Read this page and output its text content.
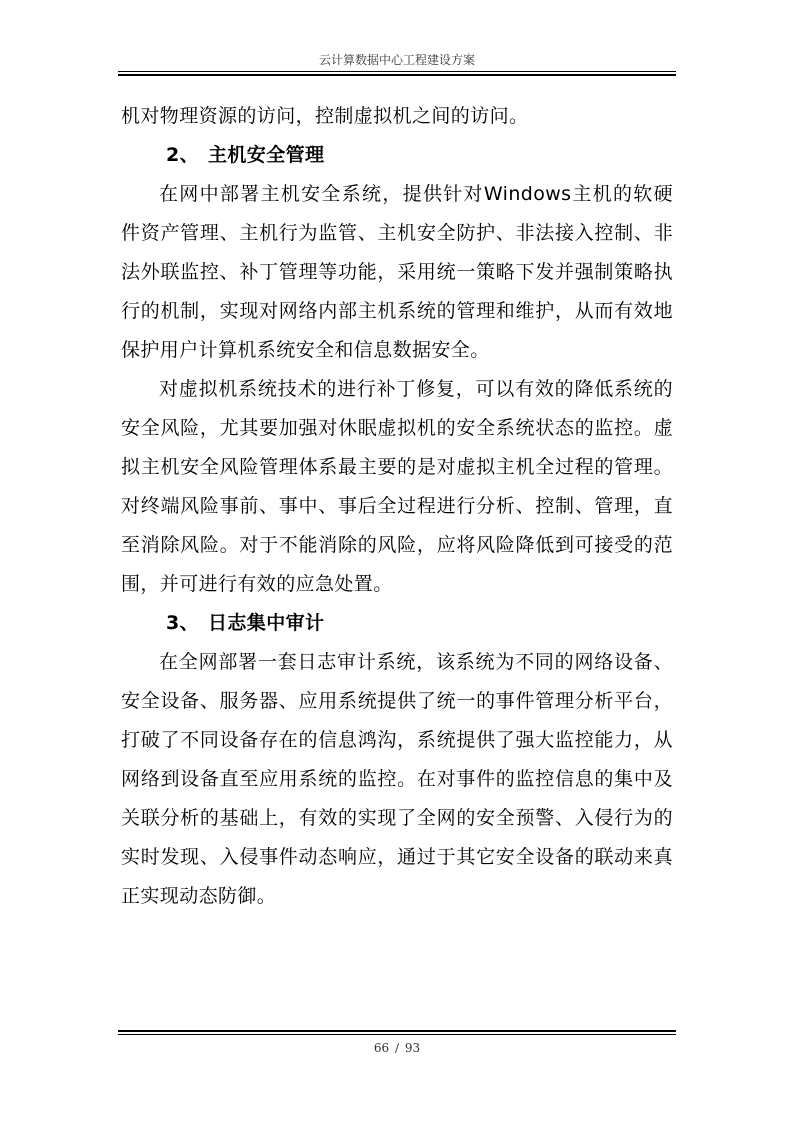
云计算数据中心工程建设方案

机对物理资源的访问，控制虚拟机之间的访问。

2、 主机安全管理

在网中部署主机安全系统，提供针对Windows主机的软硬件资产管理、主机行为监管、主机安全防护、非法接入控制、非法外联监控、补丁管理等功能，采用统一策略下发并强制策略执行的机制，实现对网络内部主机系统的管理和维护，从而有效地保护用户计算机系统安全和信息数据安全。

对虚拟机系统技术的进行补丁修复，可以有效的降低系统的安全风险，尤其要加强对休眠虚拟机的安全系统状态的监控。虚拟主机安全风险管理体系最主要的是对虚拟主机全过程的管理。对终端风险事前、事中、事后全过程进行分析、控制、管理，直至消除风险。对于不能消除的风险，应将风险降低到可接受的范围，并可进行有效的应急处置。

3、 日志集中审计

在全网部署一套日志审计系统，该系统为不同的网络设备、安全设备、服务器、应用系统提供了统一的事件管理分析平台，打破了不同设备存在的信息鸿沟，系统提供了强大监控能力，从网络到设备直至应用系统的监控。在对事件的监控信息的集中及关联分析的基础上，有效的实现了全网的安全预警、入侵行为的实时发现、入侵事件动态响应，通过于其它安全设备的联动来真正实现动态防御。

66 / 93
